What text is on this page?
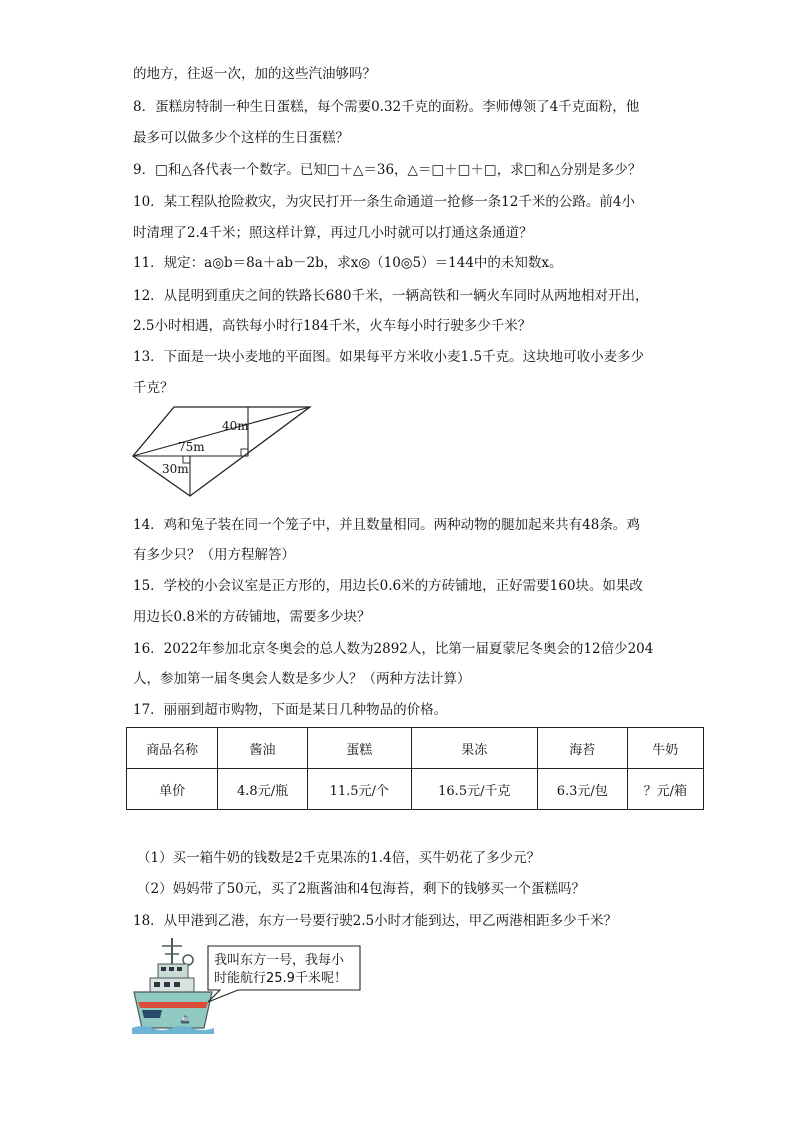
的地方，往返一次，加的这些汽油够吗？
8．蛋糕房特制一种生日蛋糕，每个需要0.32千克的面粉。李师傅领了4千克面粉，他
最多可以做多少个这样的生日蛋糕？
9．□和△各代表一个数字。已知□＋△＝36，△＝□＋□＋□，求□和△分别是多少？
10．某工程队抢险救灾，为灾民打开一条生命通道一抢修一条12千米的公路。前4小
时清理了2.4千米；照这样计算，再过几小时就可以打通这条通道？
11．规定：a◎b＝8a＋ab－2b，求x◎（10◎5）＝144中的未知数x。
12．从昆明到重庆之间的铁路长680千米，一辆高铁和一辆火车同时从两地相对开出，
2.5小时相遇，高铁每小时行184千米，火车每小时行驶多少千米？
13．下面是一块小麦地的平面图。如果每平方米收小麦1.5千克。这块地可收小麦多少
千克？
40m
75m
30m
14．鸡和兔子装在同一个笼子中，并且数量相同。两种动物的腿加起来共有48条。鸡
有多少只？（用方程解答）
15．学校的小会议室是正方形的，用边长0.6米的方砖铺地，正好需要160块。如果改
用边长0.8米的方砖铺地，需要多少块？
16．2022年参加北京冬奥会的总人数为2892人，比第一届夏蒙尼冬奥会的12倍少204
人，参加第一届冬奥会人数是多少人？（两种方法计算）
17．丽丽到超市购物，下面是某日几种物品的价格。
商品名称	酱油	蛋糕	果冻	海苔	牛奶
单价	4.8元/瓶	11.5元/个	16.5元/千克	6.3元/包	？元/箱
（1）买一箱牛奶的钱数是2千克果冻的1.4倍，买牛奶花了多少元？
（2）妈妈带了50元，买了2瓶酱油和4包海苔，剩下的钱够买一个蛋糕吗？
18．从甲港到乙港，东方一号要行驶2.5小时才能到达，甲乙两港相距多少千米？
🚢
我叫东方一号，我每小
时能航行25.9千米呢！
